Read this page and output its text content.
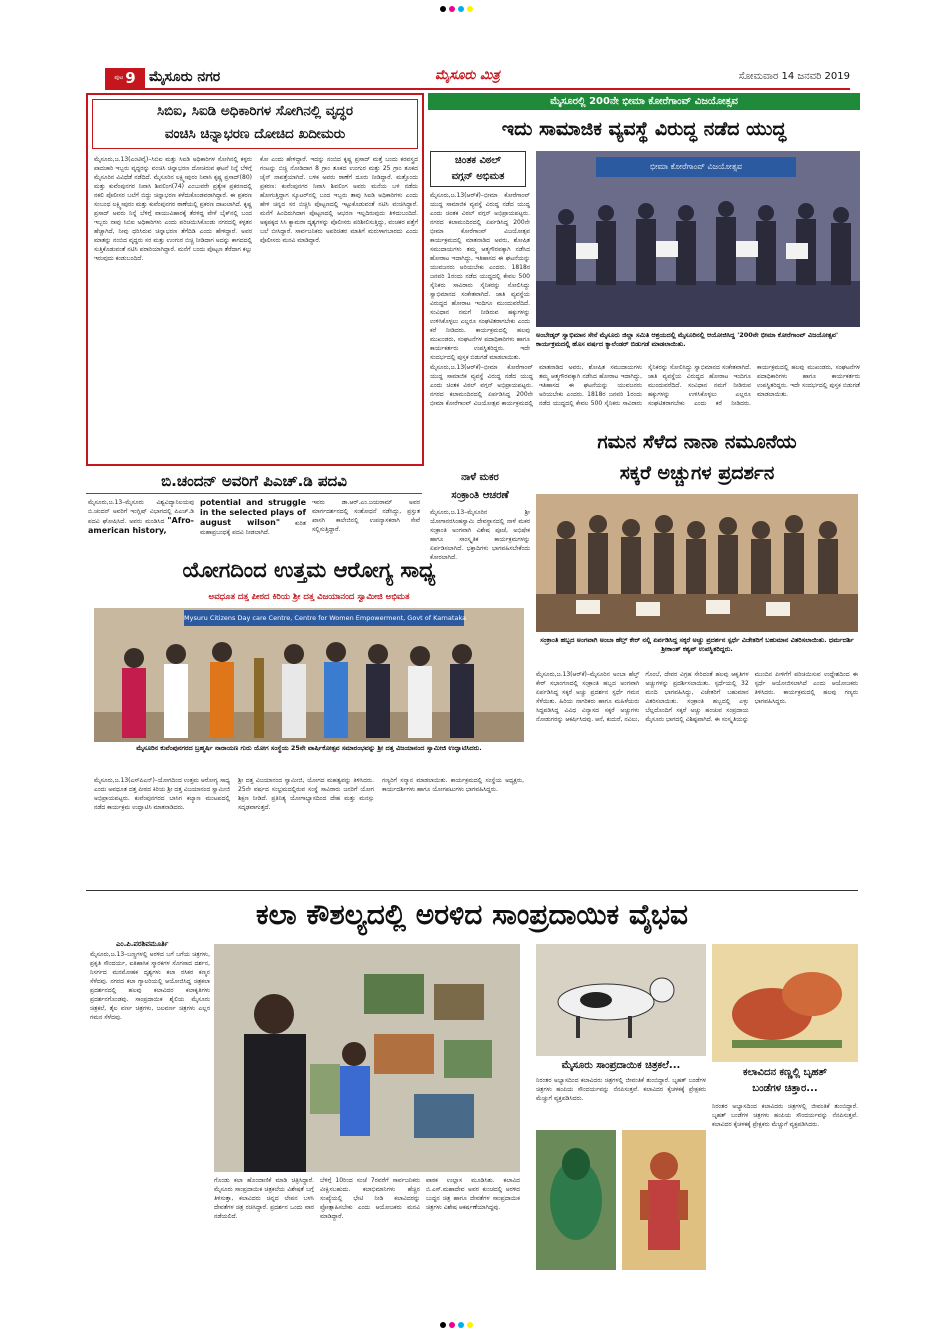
ಪುಟ 9 ಮೈಸೂರು ನಗರ	ಮೈಸೂರು ಮಿತ್ರ	ಸೋಮವಾರ 14 ಜನವರಿ 2019
ಸಿಬಿಐ, ಸಿಐಡಿ ಅಧಿಕಾರಿಗಳ ಸೋಗಿನಲ್ಲಿ ವೃದ್ಧರ
ವಂಚಿಸಿ ಚಿನ್ನಾಭರಣ ದೋಚಿದ ಖದೀಮರು
ಮೈಸೂರು,ಜ.13(ಎಂಟಿವೈ)–ಸಿಬಿಐ ಮತ್ತು ಸಿಐಡಿ ಅಧಿಕಾರಿಗಳ ಸೋಗಿನಲ್ಲಿ ಕಳ್ಳರು ಪಾದಚಾರಿ ಇಬ್ಬರು ವೃದ್ಧರನ್ನು ವಂಚಿಸಿ ಚಿನ್ನಾಭರಣ ದೋಚಿರುವ ಘಟನೆ ನಿನ್ನೆ ಬೆಳಿಗ್ಗೆ ಮೈಸೂರಿನ ವಿವಿಧೆಡೆ ನಡೆದಿದೆ. ಮೈಸೂರಿನ ಲಕ್ಷ್ಮೀಪುರಂ ನಿವಾಸಿ ಕೃಷ್ಣ ಪ್ರಸಾದ್(80) ಮತ್ತು ಕುವೆಂಪುನಗರ ನಿವಾಸಿ ಶಿವಲಿಂಗ(74) ಎಂಬುವರೇ ಪ್ರತ್ಯೇಕ ಪ್ರಕರಣದಲ್ಲಿ ನಕಲಿ ಪೊಲೀಸರ ಬಲೆಗೆ ಬಿದ್ದು ಚಿನ್ನಾಭರಣ ಕಳೆದುಕೊಂಡವರಾಗಿದ್ದಾರೆ. ಈ ಪ್ರಕರಣ ಸಂಬಂಧ ಲಕ್ಷ್ಮೀಪುರಂ ಮತ್ತು ಕುವೆಂಪುನಗರ ಠಾಣೆಯಲ್ಲಿ ಪ್ರಕರಣ ದಾಖಲಾಗಿದೆ. ಕೃಷ್ಣ ಪ್ರಸಾದ್ ಅವರು ನಿನ್ನೆ ಬೆಳಿಗ್ಗೆ ವಾಯುವಿಹಾರಕ್ಕೆ ತೆರಳಿದ್ದ ವೇಳೆ ಬೈಕ್‌ನಲ್ಲಿ ಬಂದ ಇಬ್ಬರು ನಾವು ಸಿಬಿಐ ಅಧಿಕಾರಿಗಳು ಎಂದು ಪರಿಚಯಿಸಿಕೊಂಡು ನಗರದಲ್ಲಿ ಕಳ್ಳತನ ಹೆಚ್ಚಾಗಿದೆ, ನೀವು ಧರಿಸಿರುವ ಚಿನ್ನಾಭರಣ ತೆಗೆದಿಡಿ ಎಂದು ಹೇಳಿದ್ದಾರೆ. ಅವರ ಮಾತನ್ನು ನಂಬಿದ ವೃದ್ಧರು ಸರ ಮತ್ತು ಉಂಗುರ ಬಿಚ್ಚಿ ನೀಡಿದಾಗ ಅದನ್ನು ಕಾಗದದಲ್ಲಿ ಸುತ್ತಿಕೊಡುವಂತೆ ನಟಿಸಿ ಪರಾರಿಯಾಗಿದ್ದಾರೆ. ಮನೆಗೆ ಬಂದು ಪೊಟ್ಟಣ ತೆರೆದಾಗ ಕಲ್ಲು ಇರುವುದು ಕಂಡುಬಂದಿದೆ.
ಕೋ ಎಂದು ಹೇಳಿದ್ದಾರೆ. ಇದನ್ನು ನಂಬಿದ ಕೃಷ್ಣ ಪ್ರಸಾದ್ ಮತ್ತೆ ಬಂದು ಕರವಸ್ತ್ರದ ಗಂಟನ್ನು ಬಿಚ್ಚಿ ನೋಡಿದಾಗ 8 ಗ್ರಾಂ ತೂಕದ ಉಂಗುರ ಮತ್ತು 25 ಗ್ರಾಂ ತೂಕದ ಚೈನ್ ನಾಪತ್ತೆಯಾಗಿದೆ. ಬಳಿಕ ಅವರು ಠಾಣೆಗೆ ದೂರು ನೀಡಿದ್ದಾರೆ. ಮತ್ತೊಂದು ಪ್ರಕರಣ: ಕುವೆಂಪುನಗರ ನಿವಾಸಿ ಶಿವಲಿಂಗ ಅವರು ಮನೆಯ ಬಳಿ ನಡೆದು ಹೋಗುತ್ತಿದ್ದಾಗ ಸ್ಕೂಟರ್‌ನಲ್ಲಿ ಬಂದ ಇಬ್ಬರು ತಾವು ಸಿಐಡಿ ಅಧಿಕಾರಿಗಳು ಎಂದು ಹೇಳಿ ಚಿನ್ನದ ಸರ ಬಿಚ್ಚಿಸಿ ಪೊಟ್ಟಣದಲ್ಲಿ ಇಟ್ಟುಕೊಡುವಂತೆ ನಟಿಸಿ ವಂಚಿಸಿದ್ದಾರೆ. ಮನೆಗೆ ಹಿಂದಿರುಗಿದಾಗ ಪೊಟ್ಟಣದಲ್ಲಿ ಆಭರಣ ಇಲ್ಲದಿರುವುದು ತಿಳಿದುಬಂದಿದೆ. ಅಕ್ಕಪಕ್ಕದ ಸಿಸಿ ಕ್ಯಾಮರಾ ದೃಶ್ಯಗಳನ್ನು ಪೊಲೀಸರು ಪರಿಶೀಲಿಸುತ್ತಿದ್ದು, ವಂಚಕರ ಪತ್ತೆಗೆ ಬಲೆ ಬೀಸಿದ್ದಾರೆ. ಸಾರ್ವಜನಿಕರು ಅಪರಿಚಿತರ ಮಾತಿಗೆ ಮರುಳಾಗಬಾರದು ಎಂದು ಪೊಲೀಸರು ಮನವಿ ಮಾಡಿದ್ದಾರೆ.
ಮೈಸೂರಲ್ಲಿ 200ನೇ ಭೀಮಾ ಕೋರೆಗಾಂವ್ ವಿಜಯೋತ್ಸವ
ಇದು ಸಾಮಾಜಿಕ ವ್ಯವಸ್ಥೆ ವಿರುದ್ಧ ನಡೆದ ಯುದ್ಧ
ಚಿಂತಕ ವಿಠಲ್
ವಗ್ಗನ್ ಅಭಿಮತ
ಮೈಸೂರು,ಜ.13(ಆರ್‌ಕೆ)–ಭೀಮಾ ಕೋರೆಗಾಂವ್ ಯುದ್ಧ ಸಾಮಾಜಿಕ ವ್ಯವಸ್ಥೆ ವಿರುದ್ಧ ನಡೆದ ಯುದ್ಧ ಎಂದು ಚಿಂತಕ ವಿಠಲ್ ವಗ್ಗನ್ ಅಭಿಪ್ರಾಯಪಟ್ಟರು. ನಗರದ ಕಲಾಮಂದಿರದಲ್ಲಿ ಏರ್ಪಡಿಸಿದ್ದ 200ನೇ ಭೀಮಾ ಕೋರೆಗಾಂವ್ ವಿಜಯೋತ್ಸವ ಕಾರ್ಯಕ್ರಮದಲ್ಲಿ ಮಾತನಾಡಿದ ಅವರು, ಶೋಷಿತ ಸಮುದಾಯಗಳು ತಮ್ಮ ಆತ್ಮಗೌರವಕ್ಕಾಗಿ ನಡೆಸಿದ ಹೋರಾಟ ಇದಾಗಿದ್ದು, ಇತಿಹಾಸದ ಈ ಘಟನೆಯನ್ನು ಯುವಜನರು ಅರಿಯಬೇಕು ಎಂದರು. 1818ರ ಜನವರಿ 1ರಂದು ನಡೆದ ಯುದ್ಧದಲ್ಲಿ ಕೇವಲ 500 ಸೈನಿಕರು ಸಾವಿರಾರು ಸೈನಿಕರನ್ನು ಸೋಲಿಸಿದ್ದು ಸ್ವಾಭಿಮಾನದ ಸಂಕೇತವಾಗಿದೆ. ಜಾತಿ ವ್ಯವಸ್ಥೆಯ ವಿರುದ್ಧದ ಹೋರಾಟ ಇಂದಿಗೂ ಮುಂದುವರೆದಿದೆ. ಸಂವಿಧಾನ ನಮಗೆ ನೀಡಿರುವ ಹಕ್ಕುಗಳನ್ನು ಉಳಿಸಿಕೊಳ್ಳಲು ಎಲ್ಲರೂ ಸಂಘಟಿತರಾಗಬೇಕು ಎಂದು ಕರೆ ನೀಡಿದರು. ಕಾರ್ಯಕ್ರಮದಲ್ಲಿ ಹಲವು ಮುಖಂಡರು, ಸಂಘಟನೆಗಳ ಪದಾಧಿಕಾರಿಗಳು ಹಾಗೂ ಕಾರ್ಯಕರ್ತರು ಉಪಸ್ಥಿತರಿದ್ದರು. ಇದೇ ಸಂದರ್ಭದಲ್ಲಿ ಪುಸ್ತಕ ಬಿಡುಗಡೆ ಮಾಡಲಾಯಿತು.
ಭೀಮಾ ಕೋರೆಗಾಂವ್ ವಿಜಯೋತ್ಸವ
ಅಂಬೇಡ್ಕರ್ ಸ್ವಾಭಿಮಾನ ಸೇನೆ ಮೈಸೂರು ಜಿಲ್ಲಾ ಸಮಿತಿ ಆಶ್ರಯದಲ್ಲಿ ಮೈಸೂರಿನಲ್ಲಿ ಆಯೋಜಿಸಿದ್ದ '200ನೇ ಭೀಮಾ ಕೋರೆಗಾಂವ್ ವಿಜಯೋತ್ಸವ' ಕಾರ್ಯಕ್ರಮದಲ್ಲಿ ಹೊಸ ವರ್ಷದ ಕ್ಯಾಲೆಂಡರ್ ಬಿಡುಗಡೆ ಮಾಡಲಾಯಿತು.
ಮೈಸೂರು,ಜ.13(ಆರ್‌ಕೆ)–ಭೀಮಾ ಕೋರೆಗಾಂವ್ ಯುದ್ಧ ಸಾಮಾಜಿಕ ವ್ಯವಸ್ಥೆ ವಿರುದ್ಧ ನಡೆದ ಯುದ್ಧ ಎಂದು ಚಿಂತಕ ವಿಠಲ್ ವಗ್ಗನ್ ಅಭಿಪ್ರಾಯಪಟ್ಟರು. ನಗರದ ಕಲಾಮಂದಿರದಲ್ಲಿ ಏರ್ಪಡಿಸಿದ್ದ 200ನೇ ಭೀಮಾ ಕೋರೆಗಾಂವ್ ವಿಜಯೋತ್ಸವ ಕಾರ್ಯಕ್ರಮದಲ್ಲಿ ಮಾತನಾಡಿದ ಅವರು, ಶೋಷಿತ ಸಮುದಾಯಗಳು ತಮ್ಮ ಆತ್ಮಗೌರವಕ್ಕಾಗಿ ನಡೆಸಿದ ಹೋರಾಟ ಇದಾಗಿದ್ದು, ಇತಿಹಾಸದ ಈ ಘಟನೆಯನ್ನು ಯುವಜನರು ಅರಿಯಬೇಕು ಎಂದರು. 1818ರ ಜನವರಿ 1ರಂದು ನಡೆದ ಯುದ್ಧದಲ್ಲಿ ಕೇವಲ 500 ಸೈನಿಕರು ಸಾವಿರಾರು ಸೈನಿಕರನ್ನು ಸೋಲಿಸಿದ್ದು ಸ್ವಾಭಿಮಾನದ ಸಂಕೇತವಾಗಿದೆ. ಜಾತಿ ವ್ಯವಸ್ಥೆಯ ವಿರುದ್ಧದ ಹೋರಾಟ ಇಂದಿಗೂ ಮುಂದುವರೆದಿದೆ. ಸಂವಿಧಾನ ನಮಗೆ ನೀಡಿರುವ ಹಕ್ಕುಗಳನ್ನು ಉಳಿಸಿಕೊಳ್ಳಲು ಎಲ್ಲರೂ ಸಂಘಟಿತರಾಗಬೇಕು ಎಂದು ಕರೆ ನೀಡಿದರು. ಕಾರ್ಯಕ್ರಮದಲ್ಲಿ ಹಲವು ಮುಖಂಡರು, ಸಂಘಟನೆಗಳ ಪದಾಧಿಕಾರಿಗಳು ಹಾಗೂ ಕಾರ್ಯಕರ್ತರು ಉಪಸ್ಥಿತರಿದ್ದರು. ಇದೇ ಸಂದರ್ಭದಲ್ಲಿ ಪುಸ್ತಕ ಬಿಡುಗಡೆ ಮಾಡಲಾಯಿತು.
ಬಿ.ಚಂದನ್ ಅವರಿಗೆ ಪಿಎಚ್.ಡಿ ಪದವಿ
ಮೈಸೂರು,ಜ.13–ಮೈಸೂರು ವಿಶ್ವವಿದ್ಯಾನಿಲಯವು ಬಿ.ಚಂದನ್ ಅವರಿಗೆ ಇಂಗ್ಲಿಷ್ ವಿಭಾಗದಲ್ಲಿ ಪಿಎಚ್.ಡಿ ಪದವಿ ಘೋಷಿಸಿದೆ. ಅವರು ಮಂಡಿಸಿದ "Afro-american history,
potential and struggle in the selected plays of august wilson"	ಕುರಿತ ಮಹಾಪ್ರಬಂಧಕ್ಕೆ ಪದವಿ ನೀಡಲಾಗಿದೆ.
ಇವರು ಡಾ.ಆರ್.ಎಂ.ಜಯರಾಮ್ ಅವರ ಮಾರ್ಗದರ್ಶನದಲ್ಲಿ ಸಂಶೋಧನೆ ನಡೆಸಿದ್ದು, ಪ್ರಸ್ತುತ ಖಾಸಗಿ ಕಾಲೇಜಿನಲ್ಲಿ ಉಪನ್ಯಾಸಕರಾಗಿ ಸೇವೆ ಸಲ್ಲಿಸುತ್ತಿದ್ದಾರೆ.
ನಾಳೆ ಮಕರ
ಸಂಕ್ರಾಂತಿ ಆಚರಣೆ
ಮೈಸೂರು,ಜ.13–ಮೈಸೂರಿನ ಶ್ರೀ ಯೋಗಾನರಸಿಂಹಸ್ವಾಮಿ ದೇವಸ್ಥಾನದಲ್ಲಿ ನಾಳೆ ಮಕರ ಸಂಕ್ರಾಂತಿ ಅಂಗವಾಗಿ ವಿಶೇಷ ಪೂಜೆ, ಅಭಿಷೇಕ ಹಾಗೂ ಸಾಂಸ್ಕೃತಿಕ ಕಾರ್ಯಕ್ರಮಗಳನ್ನು ಏರ್ಪಡಿಸಲಾಗಿದೆ. ಭಕ್ತಾದಿಗಳು ಭಾಗವಹಿಸಬೇಕೆಂದು ಕೋರಲಾಗಿದೆ.
ಗಮನ ಸೆಳೆದ ನಾನಾ ನಮೂನೆಯ
ಸಕ್ಕರೆ ಅಚ್ಚುಗಳ ಪ್ರದರ್ಶನ
ಸಂಕ್ರಾಂತಿ ಹಬ್ಬದ ಅಂಗವಾಗಿ ಅಂಬಾ ಹೆಲ್ತ್ ಕೇರ್ ನಲ್ಲಿ ಏರ್ಪಡಿಸಿದ್ದ ಸಕ್ಕರೆ ಅಚ್ಚು ಪ್ರದರ್ಶನ ಸ್ಪರ್ಧೆ ವಿಜೇತರಿಗೆ ಬಹುಮಾನ ವಿತರಿಸಲಾಯಿತು. ಧರ್ಮದರ್ಶಿ ಶ್ರೀಕಾಂತ್ ಕಶ್ಯಪ್ ಉಪಸ್ಥಿತರಿದ್ದರು.
ಮೈಸೂರು,ಜ.13(ಆರ್‌ಕೆ)–ಮೈಸೂರಿನ ಅಂಬಾ ಹೆಲ್ತ್ ಕೇರ್ ಸಭಾಂಗಣದಲ್ಲಿ ಸಂಕ್ರಾಂತಿ ಹಬ್ಬದ ಅಂಗವಾಗಿ ಏರ್ಪಡಿಸಿದ್ದ ಸಕ್ಕರೆ ಅಚ್ಚು ಪ್ರದರ್ಶನ ಸ್ಪರ್ಧೆ ಗಮನ ಸೆಳೆಯಿತು. ಹಿರಿಯ ನಾಗರಿಕರು ಹಾಗೂ ಮಹಿಳೆಯರು ಸಿದ್ಧಪಡಿಸಿದ್ದ ವಿವಿಧ ವಿನ್ಯಾಸದ ಸಕ್ಕರೆ ಅಚ್ಚುಗಳು ನೋಡುಗರನ್ನು ಆಕರ್ಷಿಸಿದವು. ಆನೆ, ಕುದುರೆ, ನವಿಲು, ಗೊಂಬೆ, ದೇವರ ವಿಗ್ರಹ ಸೇರಿದಂತೆ ಹಲವು ಆಕೃತಿಗಳ ಅಚ್ಚುಗಳನ್ನು ಪ್ರದರ್ಶಿಸಲಾಯಿತು. ಸ್ಪರ್ಧೆಯಲ್ಲಿ 32 ಮಂದಿ ಭಾಗವಹಿಸಿದ್ದು, ವಿಜೇತರಿಗೆ ಬಹುಮಾನ ವಿತರಿಸಲಾಯಿತು. ಸಂಕ್ರಾಂತಿ ಹಬ್ಬದಲ್ಲಿ ಎಳ್ಳು ಬೆಲ್ಲದೊಂದಿಗೆ ಸಕ್ಕರೆ ಅಚ್ಚು ಹಂಚುವ ಸಂಪ್ರದಾಯ ಮೈಸೂರು ಭಾಗದಲ್ಲಿ ವಿಶಿಷ್ಟವಾಗಿದೆ. ಈ ಸಂಸ್ಕೃತಿಯನ್ನು ಮುಂದಿನ ಪೀಳಿಗೆಗೆ ಪರಿಚಯಿಸುವ ಉದ್ದೇಶದಿಂದ ಈ ಸ್ಪರ್ಧೆ ಆಯೋಜಿಸಲಾಗಿದೆ ಎಂದು ಆಯೋಜಕರು ತಿಳಿಸಿದರು. ಕಾರ್ಯಕ್ರಮದಲ್ಲಿ ಹಲವು ಗಣ್ಯರು ಭಾಗವಹಿಸಿದ್ದರು.
ಯೋಗದಿಂದ ಉತ್ತಮ ಆರೋಗ್ಯ ಸಾಧ್ಯ
ಅವಧೂತ ದತ್ತ ಪೀಠದ ಕಿರಿಯ ಶ್ರೀ ದತ್ತ ವಿಜಯಾನಂದ ಸ್ವಾಮೀಜಿ ಅಭಿಮತ
Mysuru Citizens Day care Centre, Centre for Women Empowerment, Govt of Karnataka
ಮೈಸೂರಿನ ಕುವೆಂಪುನಗರದ ಬ್ರಹ್ಮರ್ಷಿ ನಾರಾಯಣ ಗುರು ಯೋಗ ಸಂಸ್ಥೆಯ 25ನೇ ವಾರ್ಷಿಕೋತ್ಸವ ಸಮಾರಂಭವನ್ನು ಶ್ರೀ ದತ್ತ ವಿಜಯಾನಂದ ಸ್ವಾಮೀಜಿ ಉದ್ಘಾಟಿಸಿದರು.
ಮೈಸೂರು,ಜ.13(ಎಸ್‌ಪಿಎನ್)–ಯೋಗದಿಂದ ಉತ್ತಮ ಆರೋಗ್ಯ ಸಾಧ್ಯ ಎಂದು ಅವಧೂತ ದತ್ತ ಪೀಠದ ಕಿರಿಯ ಶ್ರೀ ದತ್ತ ವಿಜಯಾನಂದ ಸ್ವಾಮೀಜಿ ಅಭಿಪ್ರಾಯಪಟ್ಟರು. ಕುವೆಂಪುನಗರದ ಬಾಸಿಗ ಕಲ್ಯಾಣ ಮಂಟಪದಲ್ಲಿ ನಡೆದ ಕಾರ್ಯಕ್ರಮ ಉದ್ಘಾಟಿಸಿ ಮಾತನಾಡಿದರು.
ಶ್ರೀ ದತ್ತ ವಿಜಯಾನಂದ ಸ್ವಾಮೀಜಿ, ಯೋಗದ ಮಹತ್ವವನ್ನು ತಿಳಿಸಿದರು. 25ನೇ ವರ್ಷದ ಸಂಭ್ರಮದಲ್ಲಿರುವ ಸಂಸ್ಥೆ ಸಾವಿರಾರು ಜನರಿಗೆ ಯೋಗ ಶಿಕ್ಷಣ ನೀಡಿದೆ. ಪ್ರತಿನಿತ್ಯ ಯೋಗಾಭ್ಯಾಸದಿಂದ ದೇಹ ಮತ್ತು ಮನಸ್ಸು ಸದೃಢವಾಗುತ್ತದೆ.
ಗಣ್ಯರಿಗೆ ಸನ್ಮಾನ ಮಾಡಲಾಯಿತು. ಕಾರ್ಯಕ್ರಮದಲ್ಲಿ ಸಂಸ್ಥೆಯ ಅಧ್ಯಕ್ಷರು, ಕಾರ್ಯದರ್ಶಿಗಳು ಹಾಗೂ ಯೋಗಪಟುಗಳು ಭಾಗವಹಿಸಿದ್ದರು.
ಕಲಾ ಕೌಶಲ್ಯದಲ್ಲಿ ಅರಳಿದ ಸಾಂಪ್ರದಾಯಿಕ ವೈಭವ
ಎಂ.ಪಿ.ಪರಶಿವಮೂರ್ತಿ
ಮೈಸೂರು,ಜ.13–ಬಣ್ಣಗಳಲ್ಲಿ ಅರಳಿದ ಬಗೆ ಬಗೆಯ ಚಿತ್ರಗಳು, ಪ್ರಕೃತಿ ಸೌಂದರ್ಯ, ಐತಿಹಾಸಿಕ ಸ್ಮಾರಕಗಳ ಸೊಗಸಾದ ದರ್ಶನ, ನಿಸರ್ಗದ ಮನಮೋಹಕ ದೃಶ್ಯಗಳು ಕಲಾ ರಸಿಕರ ಕಣ್ಮನ ಸೆಳೆದವು. ನಗರದ ಕಲಾ ಗ್ಯಾಲರಿಯಲ್ಲಿ ಆಯೋಜಿಸಿದ್ದ ಚಿತ್ರಕಲಾ ಪ್ರದರ್ಶನದಲ್ಲಿ ಹಲವು ಕಲಾವಿದರ ಕಲಾಕೃತಿಗಳು ಪ್ರದರ್ಶನಗೊಂಡವು. ಸಾಂಪ್ರದಾಯಿಕ ಶೈಲಿಯ ಮೈಸೂರು ಚಿತ್ರಕಲೆ, ತೈಲ ವರ್ಣ ಚಿತ್ರಗಳು, ಜಲವರ್ಣ ಚಿತ್ರಗಳು ಎಲ್ಲರ ಗಮನ ಸೆಳೆದವು.
ಗೊಂಡು ಕಲಾ ಹೊಂದಾಣಿಕೆ ಮಾಡಿ ಚಿತ್ರಿಸಿದ್ದಾರೆ. ಮೈಸೂರು ಸಾಂಪ್ರದಾಯಿಕ ಚಿತ್ರಕಲೆಯ ವಿಶೇಷತೆ ಬಗ್ಗೆ ತಿಳಿಸುತ್ತಾ, ಕಲಾವಿದರು ಚಿನ್ನದ ಲೇಪನ ಬಳಸಿ ದೇವತೆಗಳ ಚಿತ್ರ ರಚಿಸಿದ್ದಾರೆ. ಪ್ರದರ್ಶನ ಒಂದು ವಾರ ನಡೆಯಲಿದೆ.
ಬೆಳಿಗ್ಗೆ 10ರಿಂದ ಸಂಜೆ 7ರವರೆಗೆ ಸಾರ್ವಜನಿಕರು ವೀಕ್ಷಿಸಬಹುದು. ಕಲಾಭಿಮಾನಿಗಳು ಹೆಚ್ಚಿನ ಸಂಖ್ಯೆಯಲ್ಲಿ ಭೇಟಿ ನೀಡಿ ಕಲಾವಿದರನ್ನು ಪ್ರೋತ್ಸಾಹಿಸಬೇಕು ಎಂದು ಆಯೋಜಕರು ಮನವಿ ಮಾಡಿದ್ದಾರೆ.
ಪಾಠಕ ಉಲ್ಲಾಸ ಮೂಡಿಸಿತು. ಕಲಾವಿದ ಬಿ.ಎಸ್.ಮಹಾದೇವ ಅವರ ಕುಂಚದಲ್ಲಿ ಅರಳಿದ ಬುದ್ಧನ ಚಿತ್ರ ಹಾಗೂ ದೇವತೆಗಳ ಸಾಂಪ್ರದಾಯಿಕ ಚಿತ್ರಗಳು ವಿಶೇಷ ಆಕರ್ಷಣೆಯಾಗಿದ್ದವು.
ಮೈಸೂರು ಸಾಂಪ್ರದಾಯಿಕ ಚಿತ್ರಕಲೆ...
ನಿರಂತರ ಅಭ್ಯಾಸದಿಂದ ಕಲಾವಿದರು ಚಿತ್ರಗಳಲ್ಲಿ ಜೀವಂತಿಕೆ ತುಂಬಿದ್ದಾರೆ. ಬೃಹತ್ ಬಂಡೆಗಳ ಚಿತ್ರಗಳು ಹಂಪಿಯ ಸೌಂದರ್ಯವನ್ನು ನೆನಪಿಸುತ್ತವೆ. ಕಲಾವಿದರ ಕೈಚಳಕಕ್ಕೆ ಪ್ರೇಕ್ಷಕರು ಮೆಚ್ಚುಗೆ ವ್ಯಕ್ತಪಡಿಸಿದರು.
ಕಲಾವಿದನ ಕಣ್ಣಲ್ಲಿ ಬೃಹತ್
ಬಂಡೆಗಳ ಚಿತ್ತಾರ...
ನಿರಂತರ ಅಭ್ಯಾಸದಿಂದ ಕಲಾವಿದರು ಚಿತ್ರಗಳಲ್ಲಿ ಜೀವಂತಿಕೆ ತುಂಬಿದ್ದಾರೆ. ಬೃಹತ್ ಬಂಡೆಗಳ ಚಿತ್ರಗಳು ಹಂಪಿಯ ಸೌಂದರ್ಯವನ್ನು ನೆನಪಿಸುತ್ತವೆ. ಕಲಾವಿದರ ಕೈಚಳಕಕ್ಕೆ ಪ್ರೇಕ್ಷಕರು ಮೆಚ್ಚುಗೆ ವ್ಯಕ್ತಪಡಿಸಿದರು.
